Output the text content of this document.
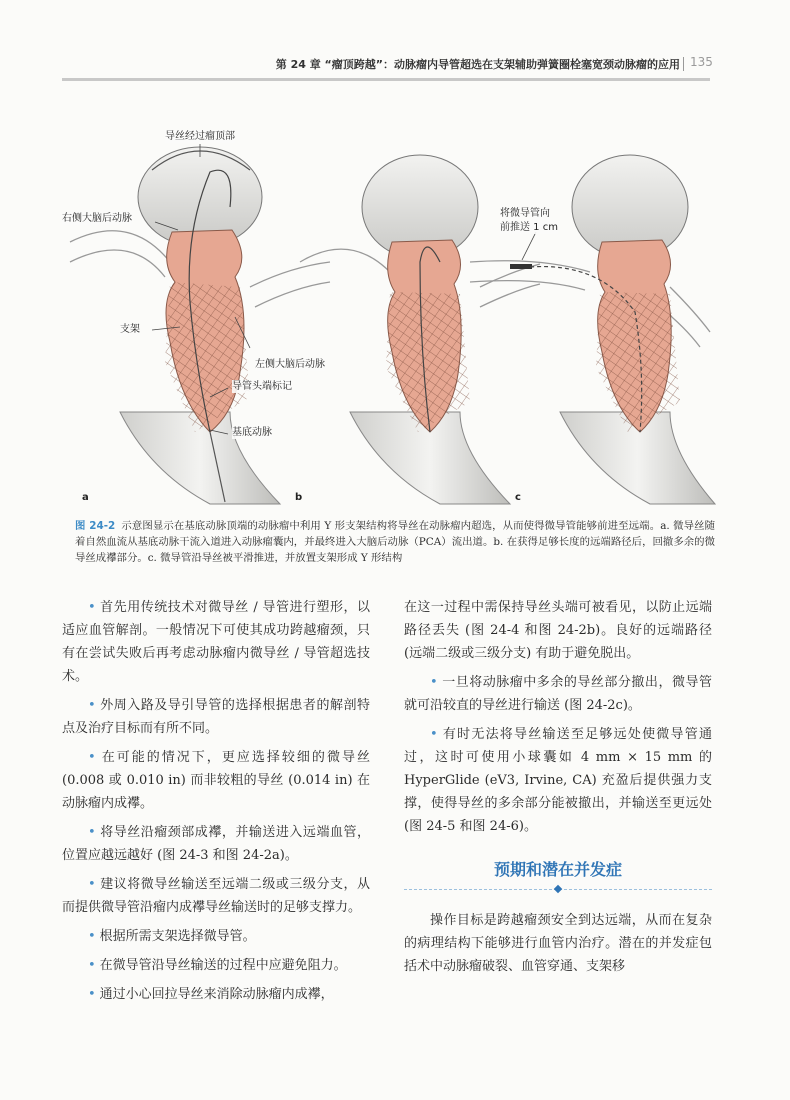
第 24 章 “瘤顶跨越”：动脉瘤内导管超选在支架辅助弹簧圈栓塞宽颈动脉瘤的应用 135
导丝经过瘤顶部
右侧大脑后动脉
支架
左侧大脑后动脉
导管头端标记
基底动脉
将微导管向
前推送 1 cm
a	b	c
图 24-2 示意图显示在基底动脉顶端的动脉瘤中利用 Y 形支架结构将导丝在动脉瘤内超选，从而使得微导管能够前进至远端。a. 微导丝随着自然血流从基底动脉干流入道进入动脉瘤囊内，并最终进入大脑后动脉（PCA）流出道。b. 在获得足够长度的远端路径后，回撤多余的微导丝成襻部分。c. 微导管沿导丝被平滑推进，并放置支架形成 Y 形结构

• 首先用传统技术对微导丝 / 导管进行塑形，以适应血管解剖。一般情况下可使其成功跨越瘤颈，只有在尝试失败后再考虑动脉瘤内微导丝 / 导管超选技术。

• 外周入路及导引导管的选择根据患者的解剖特点及治疗目标而有所不同。

• 在可能的情况下，更应选择较细的微导丝 (0.008 或 0.010 in) 而非较粗的导丝 (0.014 in) 在动脉瘤内成襻。

• 将导丝沿瘤颈部成襻，并输送进入远端血管，位置应越远越好 (图 24-3 和图 24-2a)。

• 建议将微导丝输送至远端二级或三级分支，从而提供微导管沿瘤内成襻导丝输送时的足够支撑力。

• 根据所需支架选择微导管。

• 在微导管沿导丝输送的过程中应避免阻力。

• 通过小心回拉导丝来消除动脉瘤内成襻，

在这一过程中需保持导丝头端可被看见，以防止远端路径丢失 (图 24-4 和图 24-2b)。良好的远端路径 (远端二级或三级分支) 有助于避免脱出。

• 一旦将动脉瘤中多余的导丝部分撤出，微导管就可沿较直的导丝进行输送 (图 24-2c)。

• 有时无法将导丝输送至足够远处使微导管通过，这时可使用小球囊如 4 mm × 15 mm 的 HyperGlide (eV3, Irvine, CA) 充盈后提供强力支撑，使得导丝的多余部分能被撤出，并输送至更远处 (图 24-5 和图 24-6)。

预期和潜在并发症

操作目标是跨越瘤颈安全到达远端，从而在复杂的病理结构下能够进行血管内治疗。潜在的并发症包括术中动脉瘤破裂、血管穿通、支架移
